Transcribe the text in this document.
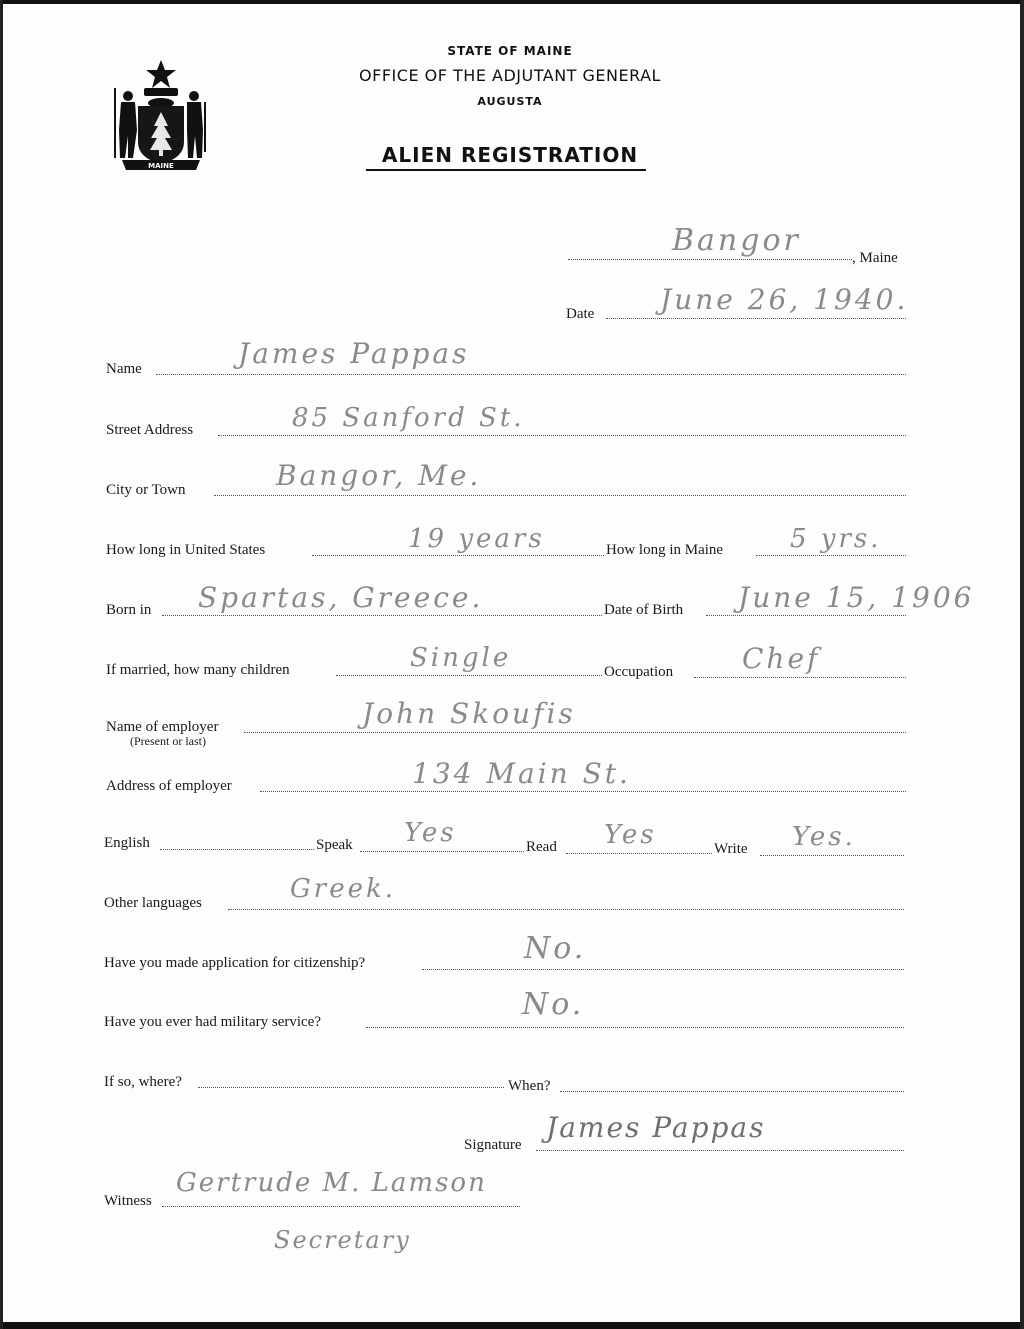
MAINE
STATE OF MAINE
OFFICE OF THE ADJUTANT GENERAL
AUGUSTA
ALIEN REGISTRATION
Bangor	, Maine
Date June 26, 1940.
Name	James Pappas
Street Address	85 Sanford St.
City or Town	Bangor, Me.
How long in United States	19 years	How long in Maine	5 yrs.
Born in Spartas, Greece.	Date of Birth June 15, 1906
If married, how many children	Single	Occupation Chef
Name of employer
(Present or last)
John Skoufis
Address of employer	134 Main St.
English	Speak Yes	Read Yes	Write Yes.
Other languages	Greek.
Have you made application for citizenship?	No.
Have you ever had military service?	No.
If so, where?	When?
Signature
James Pappas
Witness
Gertrude M. Lamson
Secretary
